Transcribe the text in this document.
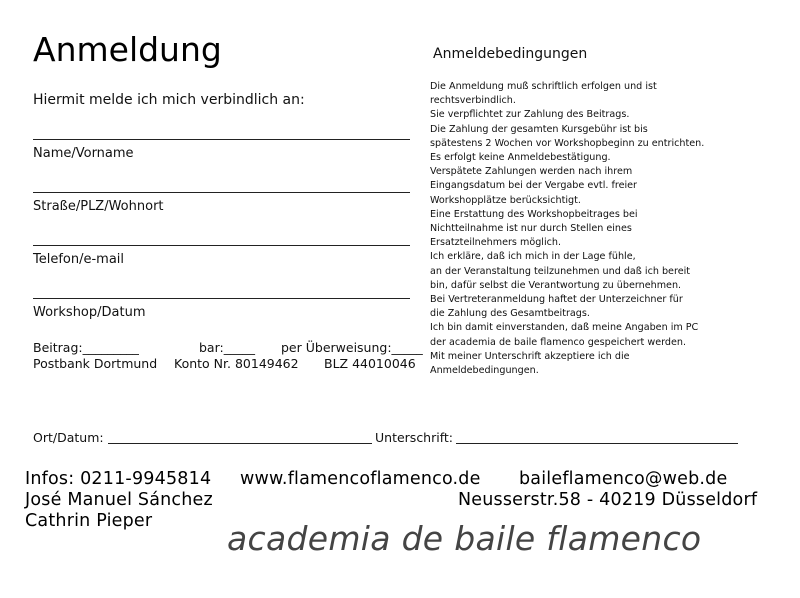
Anmeldung
Hiermit melde ich mich verbindlich an:
Name/Vorname
Straße/PLZ/Wohnort
Telefon/e-mail
Workshop/Datum
Beitrag:_________	bar:_____ per Überweisung:_____
Postbank Dortmund Konto Nr. 80149462 BLZ 44010046
Anmeldebedingungen
Die Anmeldung muß schriftlich erfolgen und ist
rechtsverbindlich.
Sie verpflichtet zur Zahlung des Beitrags.
Die Zahlung der gesamten Kursgebühr ist bis
spätestens 2 Wochen vor Workshopbeginn zu entrichten.
Es erfolgt keine Anmeldebestätigung.
Verspätete Zahlungen werden nach ihrem
Eingangsdatum bei der Vergabe evtl. freier
Workshopplätze berücksichtigt.
Eine Erstattung des Workshopbeitrages bei
Nichtteilnahme ist nur durch Stellen eines
Ersatzteilnehmers möglich.
Ich erkläre, daß ich mich in der Lage fühle,
an der Veranstaltung teilzunehmen und daß ich bereit
bin, dafür selbst die Verantwortung zu übernehmen.
Bei Vertreteranmeldung haftet der Unterzeichner für
die Zahlung des Gesamtbeitrags.
Ich bin damit einverstanden, daß meine Angaben im PC
der academia de baile flamenco gespeichert werden.
Mit meiner Unterschrift akzeptiere ich die
Anmeldebedingungen.
Ort/Datum:	Unterschrift:
Infos: 0211-9945814 www.flamencoflamenco.de baileflamenco@web.de
José Manuel Sánchez	Neusserstr.58 - 40219 Düsseldorf
Cathrin Pieper academia de baile flamenco
